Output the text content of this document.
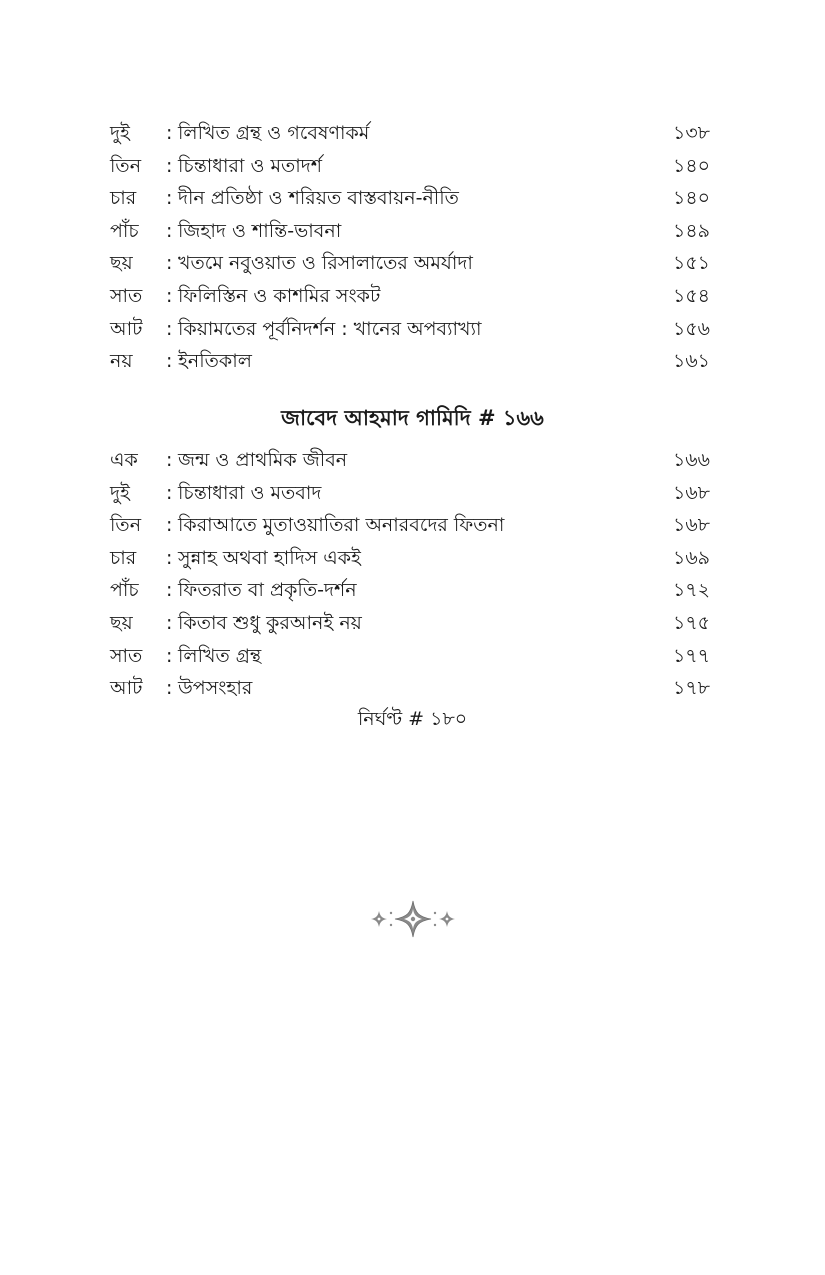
দুই : লিখিত গ্রন্থ ও গবেষণাকর্ম	১৩৮
তিন : চিন্তাধারা ও মতাদর্শ	১৪০
চার : দীন প্রতিষ্ঠা ও শরিয়ত বাস্তবায়ন-নীতি	১৪০
পাঁচ : জিহাদ ও শান্তি-ভাবনা	১৪৯
ছয় : খতমে নবুওয়াত ও রিসালাতের অমর্যাদা	১৫১
সাত : ফিলিস্তিন ও কাশমির সংকট	১৫৪
আট : কিয়ামতের পূর্বনিদর্শন : খানের অপব্যাখ্যা	১৫৬
নয় : ইনতিকাল	১৬১
জাবেদ আহমাদ গামিদি # ১৬৬
এক : জন্ম ও প্রাথমিক জীবন	১৬৬
দুই : চিন্তাধারা ও মতবাদ	১৬৮
তিন : কিরাআতে মুতাওয়াতিরা অনারবদের ফিতনা	১৬৮
চার : সুন্নাহ অথবা হাদিস একই	১৬৯
পাঁচ : ফিতরাত বা প্রকৃতি-দর্শন	১৭২
ছয় : কিতাব শুধু কুরআনই নয়	১৭৫
সাত : লিখিত গ্রন্থ	১৭৭
আট : উপসংহার	১৭৮
নির্ঘণ্ট # ১৮০
